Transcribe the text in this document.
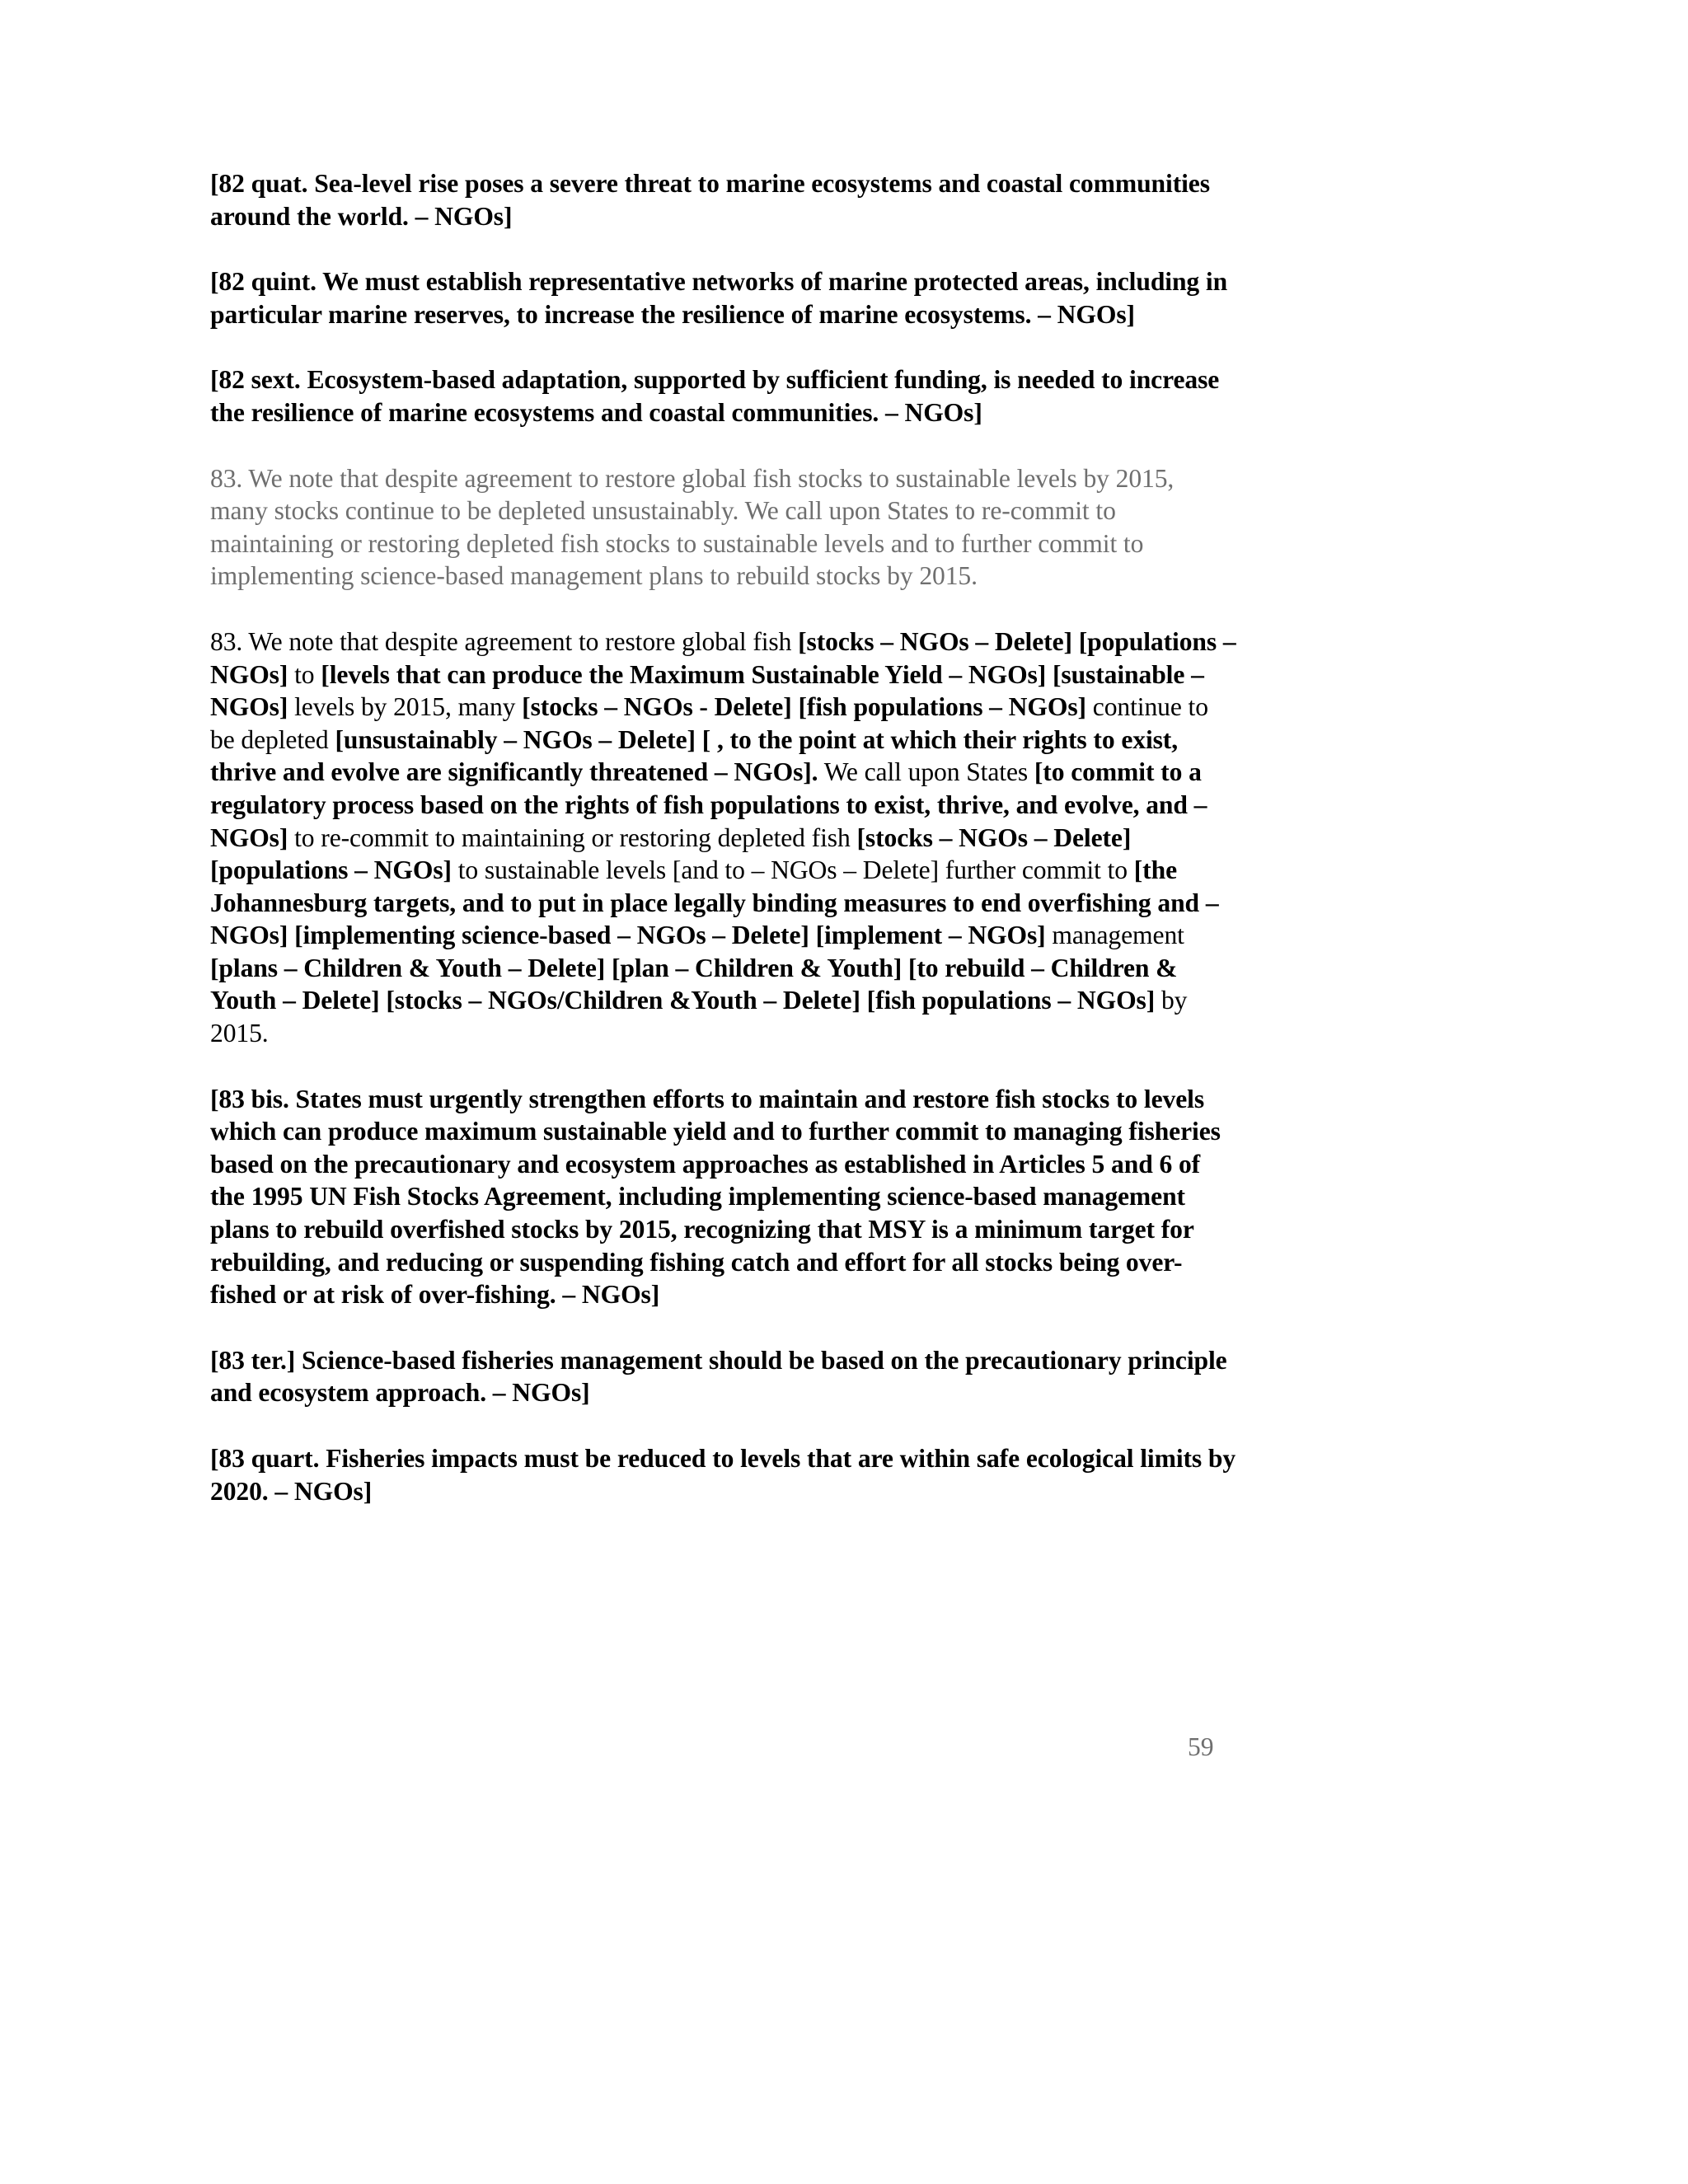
[82 quat. Sea-level rise poses a severe threat to marine ecosystems and coastal communities around the world. – NGOs]

[82 quint. We must establish representative networks of marine protected areas, including in particular marine reserves, to increase the resilience of marine ecosystems. – NGOs]

[82 sext. Ecosystem-based adaptation, supported by sufficient funding, is needed to increase the resilience of marine ecosystems and coastal communities. – NGOs]

83. We note that despite agreement to restore global fish stocks to sustainable levels by 2015, many stocks continue to be depleted unsustainably. We call upon States to re-commit to maintaining or restoring depleted fish stocks to sustainable levels and to further commit to implementing science-based management plans to rebuild stocks by 2015.

83. We note that despite agreement to restore global fish [stocks – NGOs – Delete] [populations – NGOs] to [levels that can produce the Maximum Sustainable Yield – NGOs] [sustainable – NGOs] levels by 2015, many [stocks – NGOs - Delete] [fish populations – NGOs] continue to be depleted [unsustainably – NGOs – Delete] [ , to the point at which their rights to exist, thrive and evolve are significantly threatened – NGOs]. We call upon States [to commit to a regulatory process based on the rights of fish populations to exist, thrive, and evolve, and – NGOs] to re-commit to maintaining or restoring depleted fish [stocks – NGOs – Delete] [populations – NGOs] to sustainable levels [and to – NGOs – Delete] further commit to [the Johannesburg targets, and to put in place legally binding measures to end overfishing and – NGOs] [implementing science-based – NGOs – Delete] [implement – NGOs] management [plans – Children & Youth – Delete] [plan – Children & Youth] [to rebuild – Children & Youth – Delete] [stocks – NGOs/Children &Youth – Delete] [fish populations – NGOs] by 2015.

[83 bis. States must urgently strengthen efforts to maintain and restore fish stocks to levels which can produce maximum sustainable yield and to further commit to managing fisheries based on the precautionary and ecosystem approaches as established in Articles 5 and 6 of the 1995 UN Fish Stocks Agreement, including implementing science-based management plans to rebuild overfished stocks by 2015, recognizing that MSY is a minimum target for rebuilding, and reducing or suspending fishing catch and effort for all stocks being over-fished or at risk of over-fishing. – NGOs]

[83 ter.] Science-based fisheries management should be based on the precautionary principle and ecosystem approach. – NGOs]

[83 quart. Fisheries impacts must be reduced to levels that are within safe ecological limits by 2020. – NGOs]

59
